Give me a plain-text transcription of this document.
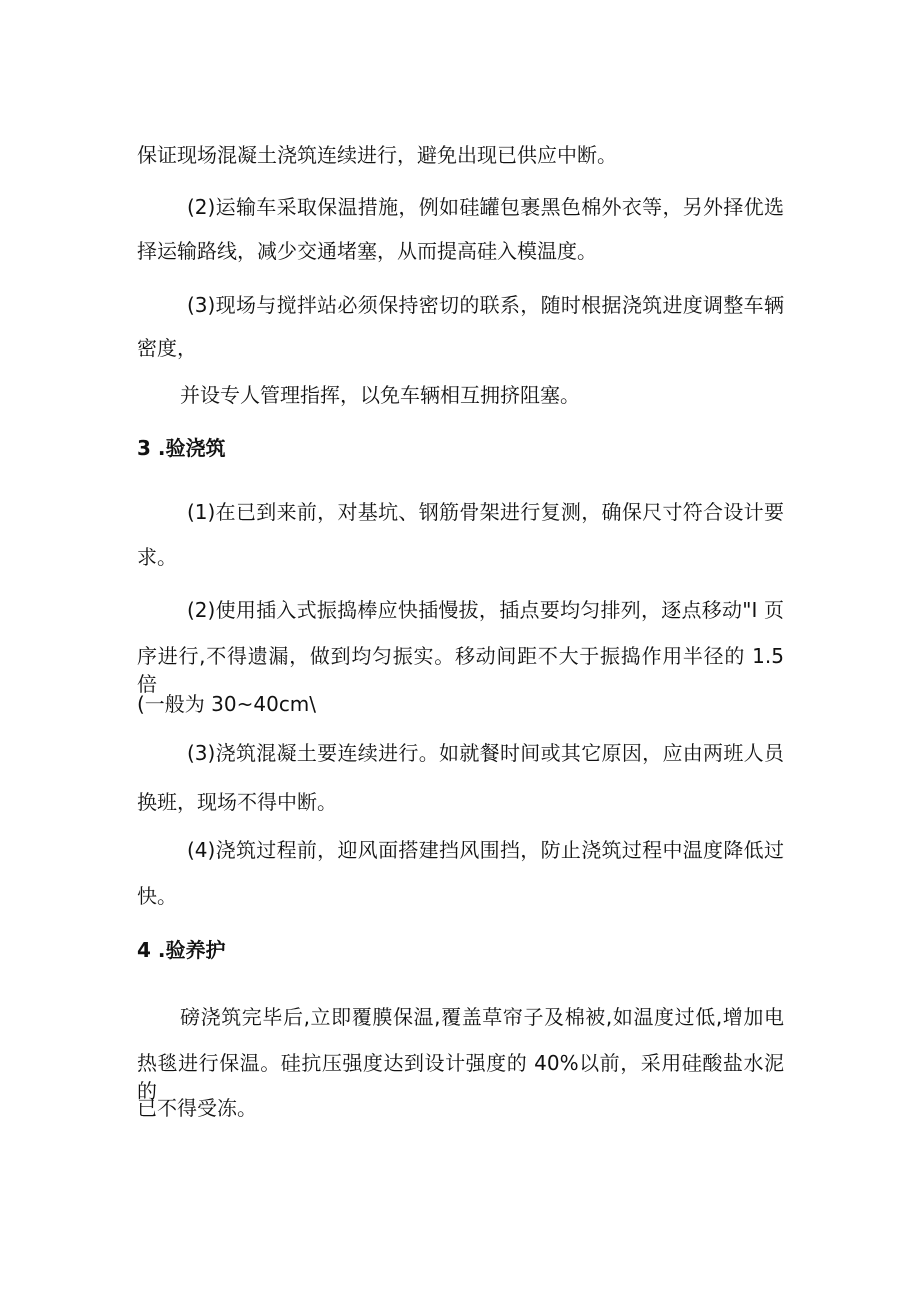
保证现场混凝土浇筑连续进行，避免出现已供应中断。
(2)运输车采取保温措施，例如硅罐包裹黑色棉外衣等，另外择优选
择运输路线，减少交通堵塞，从而提高硅入模温度。
(3)现场与搅拌站必须保持密切的联系，随时根据浇筑进度调整车辆
密度，
并设专人管理指挥，以免车辆相互拥挤阻塞。
3 .验浇筑
(1)在已到来前，对基坑、钢筋骨架进行复测，确保尺寸符合设计要
求。
(2)使用插入式振捣棒应快插慢拔，插点要均匀排列，逐点移动"I 页
序进行,不得遗漏，做到均匀振实。移动间距不大于振捣作用半径的 1.5 倍
(一般为 30~40cm\
(3)浇筑混凝土要连续进行。如就餐时间或其它原因，应由两班人员
换班，现场不得中断。
(4)浇筑过程前，迎风面搭建挡风围挡，防止浇筑过程中温度降低过
快。
4 .验养护
磅浇筑完毕后,立即覆膜保温,覆盖草帘子及棉被,如温度过低,增加电
热毯进行保温。硅抗压强度达到设计强度的 40%以前，采用硅酸盐水泥的
已不得受冻。
